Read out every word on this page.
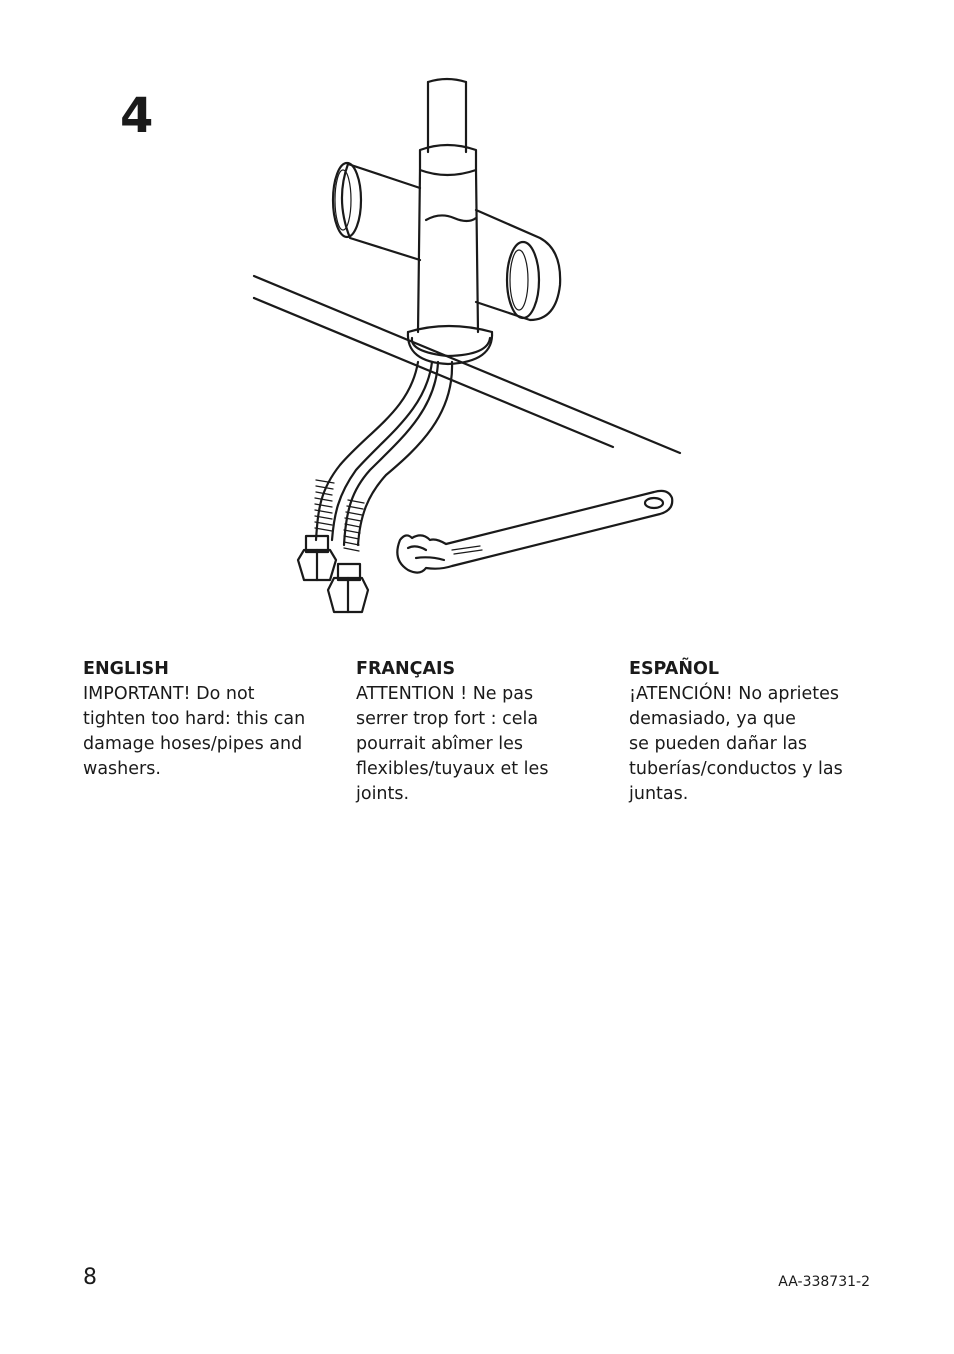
4
ENGLISH
IMPORTANT! Do not
tighten too hard: this can
damage hoses/pipes and
washers.
FRANÇAIS
ATTENTION ! Ne pas
serrer trop fort : cela
pourrait abîmer les
flexibles/tuyaux et les
joints.
ESPAÑOL
¡ATENCIÓN! No aprietes
demasiado, ya que
se pueden dañar las
tuberías/conductos y las
juntas.
8	AA-338731-2
